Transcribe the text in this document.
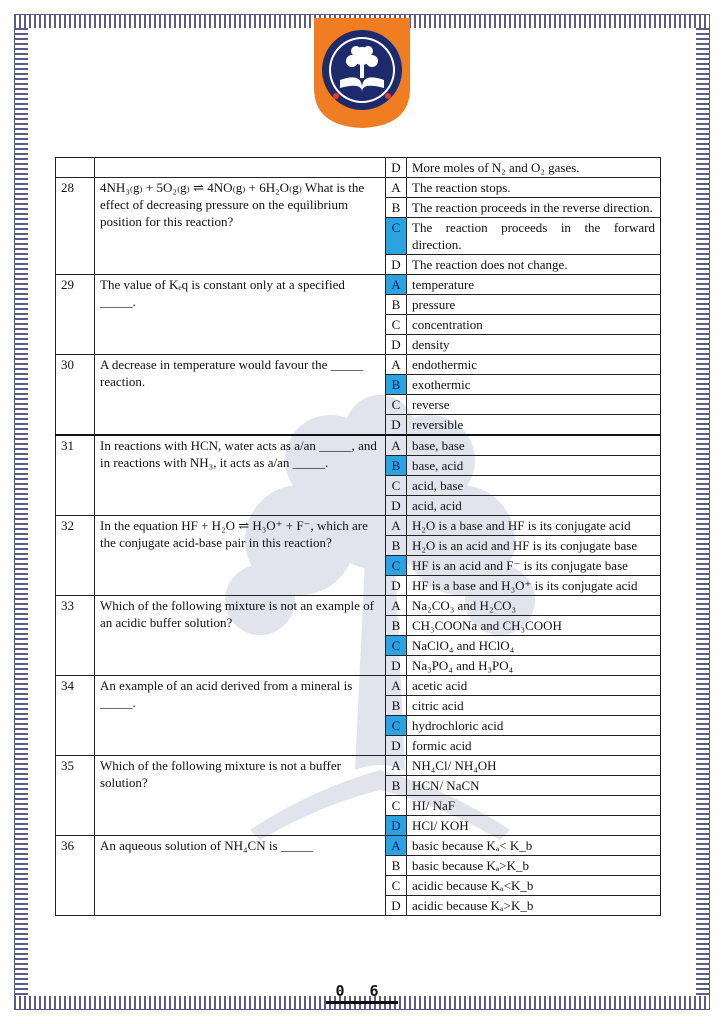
		D	More moles of N₂ and O₂ gases.
28	4NH₃₍g₎ + 5O₂₍g₎ ⇌ 4NO₍g₎ + 6H₂O₍g₎ What is the effect of decreasing pressure on the equilibrium position for this reaction?	A	The reaction stops.
		B	The reaction proceeds in the reverse direction.
		C	The reaction proceeds in the forward direction.
		D	The reaction does not change.
29	The value of Kₑq is constant only at a specified _____.	A	temperature
		B	pressure
		C	concentration
		D	density
30	A decrease in temperature would favour the _____ reaction.	A	endothermic
		B	exothermic
		C	reverse
		D	reversible
31	In reactions with HCN, water acts as a/an _____, and in reactions with NH₃, it acts as a/an _____.	A	base, base
		B	base, acid
		C	acid, base
		D	acid, acid
32	In the equation HF + H₂O ⇌ H₃O⁺ + F⁻, which are the conjugate acid-base pair in this reaction?	A	H₂O is a base and HF is its conjugate acid
		B	H₂O is an acid and HF is its conjugate base
		C	HF is an acid and F⁻ is its conjugate base
		D	HF is a base and H₃O⁺ is its conjugate acid
33	Which of the following mixture is not an example of an acidic buffer solution?	A	Na₂CO₃ and H₂CO₃
		B	CH₃COONa and CH₃COOH
		C	NaClO₄ and HClO₄
		D	Na₃PO₄ and H₃PO₄
34	An example of an acid derived from a mineral is _____.	A	acetic acid
		B	citric acid
		C	hydrochloric acid
		D	formic acid
35	Which of the following mixture is not a buffer solution?	A	NH₄Cl/ NH₄OH
		B	HCN/ NaCN
		C	HI/ NaF
		D	HCl/ KOH
36	An aqueous solution of NH₄CN is _____	A	basic because Kₐ< K_b
		B	basic because Kₐ>K_b
		C	acidic because Kₐ<K_b
		D	acidic because Kₐ>K_b
0 6
